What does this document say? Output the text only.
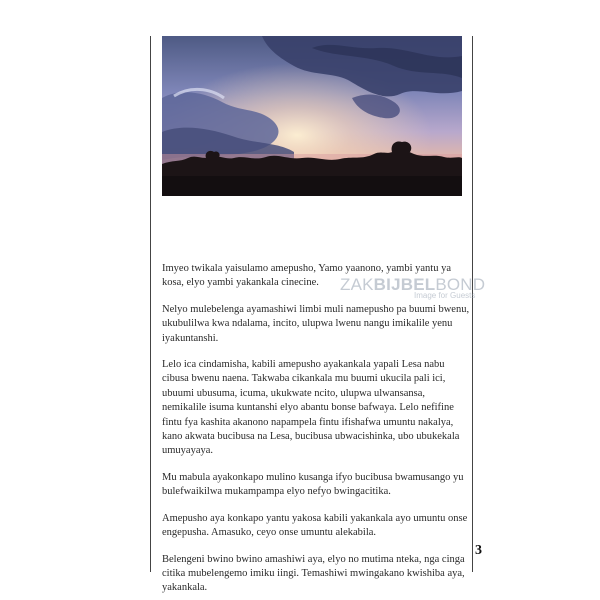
ZAKBIJBELBOND
Image for Guests

Imyeo twikala yaisulamo amepusho, Yamo yaanono, yambi yantu ya kosa, elyo yambi yakankala cinecine.

Nelyo mulebelenga ayamashiwi limbi muli namepusho pa buumi bwenu, ukubulilwa kwa ndalama, incito, ulupwa lwenu nangu imikalile yenu iyakuntanshi.

Lelo ica cindamisha, kabili amepusho ayakankala yapali Lesa nabu cibusa bwenu naena. Takwaba cikankala mu buumi ukucila pali ici, ubuumi ubusuma, icuma, ukukwate ncito, ulupwa ulwansansa, nemikalile isuma kuntanshi elyo abantu bonse bafwaya. Lelo nefifine fintu fya kashita akanono napampela fintu ifishafwa umuntu nakalya, kano akwata bucibusa na Lesa, bucibusa ubwacishinka, ubo ubukekala umuyayaya.

Mu mabula ayakonkapo mulino kusanga ifyo bucibusa bwamusango yu bulefwaikilwa mukampampa elyo nefyo bwingacitika.

Amepusho aya konkapo yantu yakosa kabili yakankala ayo umuntu onse engepusha. Amasuko, ceyo onse umuntu alekabila.

Belengeni bwino bwino amashiwi aya, elyo no mutima nteka, nga cinga citika mubelengemo imiku iingi. Temashiwi mwingakano kwishiba aya, yakankala.

3
